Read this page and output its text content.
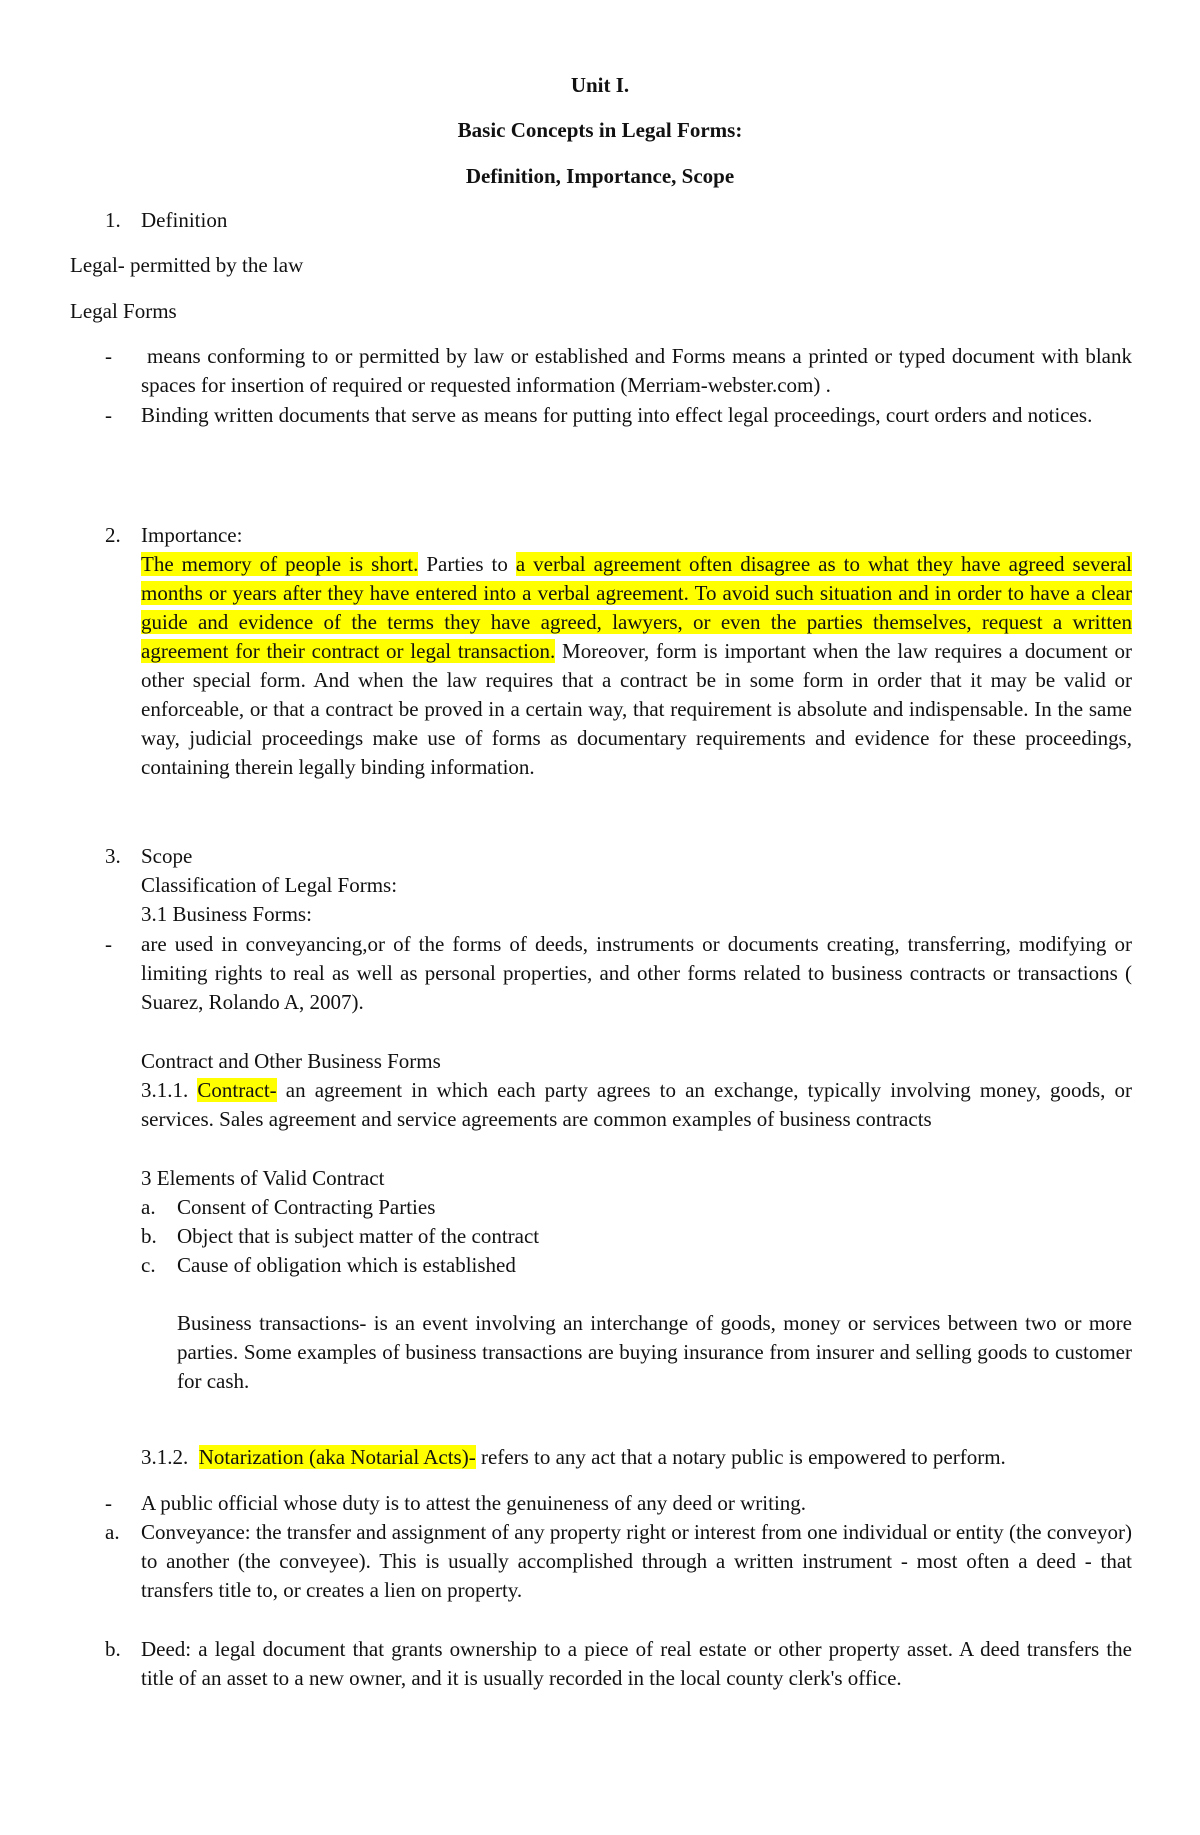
Unit I.
Basic Concepts in Legal Forms:
Definition, Importance, Scope
1. Definition
Legal- permitted by the law
Legal Forms
- means conforming to or permitted by law or established and Forms means a printed or typed document with blank spaces for insertion of required or requested information (Merriam-webster.com) .
- Binding written documents that serve as means for putting into effect legal proceedings, court orders and notices.
2. Importance:
The memory of people is short. Parties to a verbal agreement often disagree as to what they have agreed several months or years after they have entered into a verbal agreement. To avoid such situation and in order to have a clear guide and evidence of the terms they have agreed, lawyers, or even the parties themselves, request a written agreement for their contract or legal transaction. Moreover, form is important when the law requires a document or other special form. And when the law requires that a contract be in some form in order that it may be valid or enforceable, or that a contract be proved in a certain way, that requirement is absolute and indispensable. In the same way, judicial proceedings make use of forms as documentary requirements and evidence for these proceedings, containing therein legally binding information.
3. Scope
Classification of Legal Forms:
3.1 Business Forms:
- are used in conveyancing,or of the forms of deeds, instruments or documents creating, transferring, modifying or limiting rights to real as well as personal properties, and other forms related to business contracts or transactions ( Suarez, Rolando A, 2007).
Contract and Other Business Forms
3.1.1. Contract- an agreement in which each party agrees to an exchange, typically involving money, goods, or services. Sales agreement and service agreements are common examples of business contracts
3 Elements of Valid Contract
a. Consent of Contracting Parties
b. Object that is subject matter of the contract
c. Cause of obligation which is established
Business transactions- is an event involving an interchange of goods, money or services between two or more parties. Some examples of business transactions are buying insurance from insurer and selling goods to customer for cash.
3.1.2. Notarization (aka Notarial Acts)- refers to any act that a notary public is empowered to perform.
- A public official whose duty is to attest the genuineness of any deed or writing.
a. Conveyance: the transfer and assignment of any property right or interest from one individual or entity (the conveyor) to another (the conveyee). This is usually accomplished through a written instrument - most often a deed - that transfers title to, or creates a lien on property.
b. Deed: a legal document that grants ownership to a piece of real estate or other property asset. A deed transfers the title of an asset to a new owner, and it is usually recorded in the local county clerk's office.
